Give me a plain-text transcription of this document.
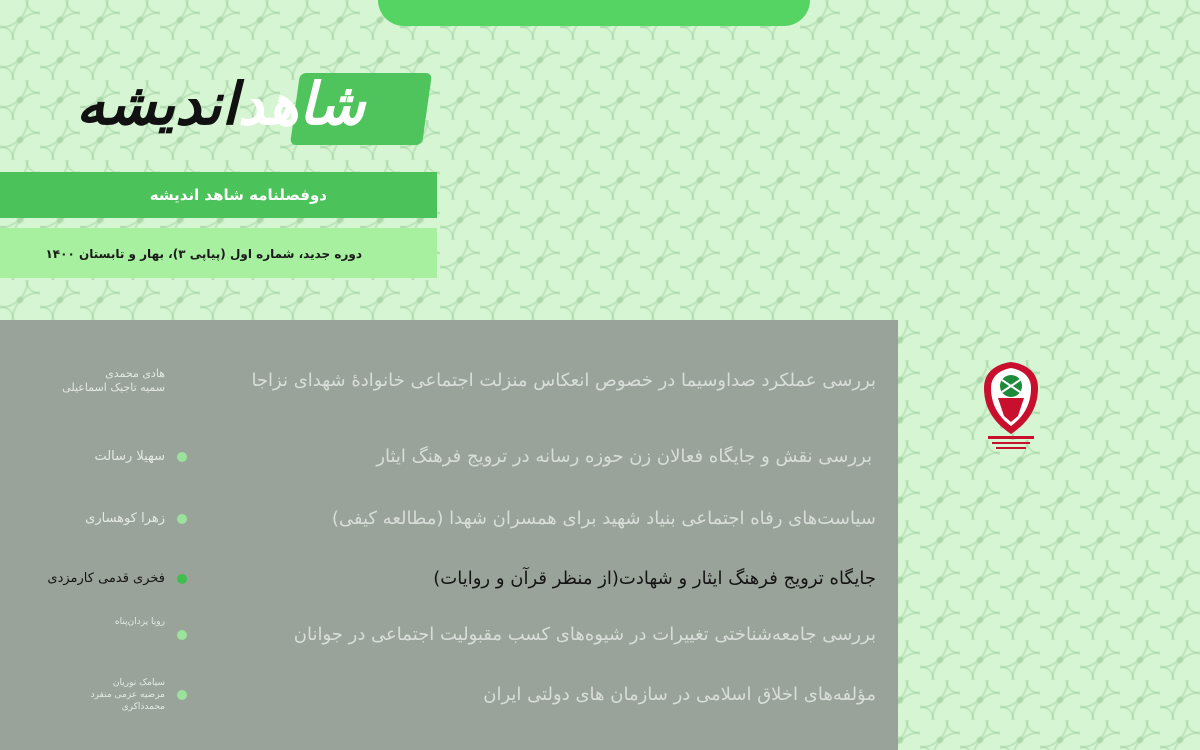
شاهداندیشه
دوفصلنامه شاهد اندیشه
دوره جدید، شماره اول (پیاپی ۳)، بهار و تابستان ۱۴۰۰
بررسی عملکرد صداوسیما در خصوص انعکاس منزلت اجتماعی خانوادهٔ شهدای نزاجا
هادی محمدی
سمیه تاجیک اسماعیلی
بررسی نقش و جایگاه فعالان زن حوزه رسانه در ترویج فرهنگ ایثار
سهیلا رسالت
سیاست‌های رفاه اجتماعی بنیاد شهید برای همسران شهدا (مطالعه کیفی)
زهرا کوهساری
جایگاه ترویج فرهنگ ایثار و شهادت(از منظر قرآن و روایات)
فخری قدمی کارمزدی
بررسی جامعه‌شناختی تغییرات در شیوه‌های کسب مقبولیت اجتماعی در جوانان
رویا یزدان‌پناه
مؤلفه‌های اخلاق اسلامی در سازمان های دولتی ایران
سیامک نوریان
مرضیه عزمی منفرد
محمدذاکری
